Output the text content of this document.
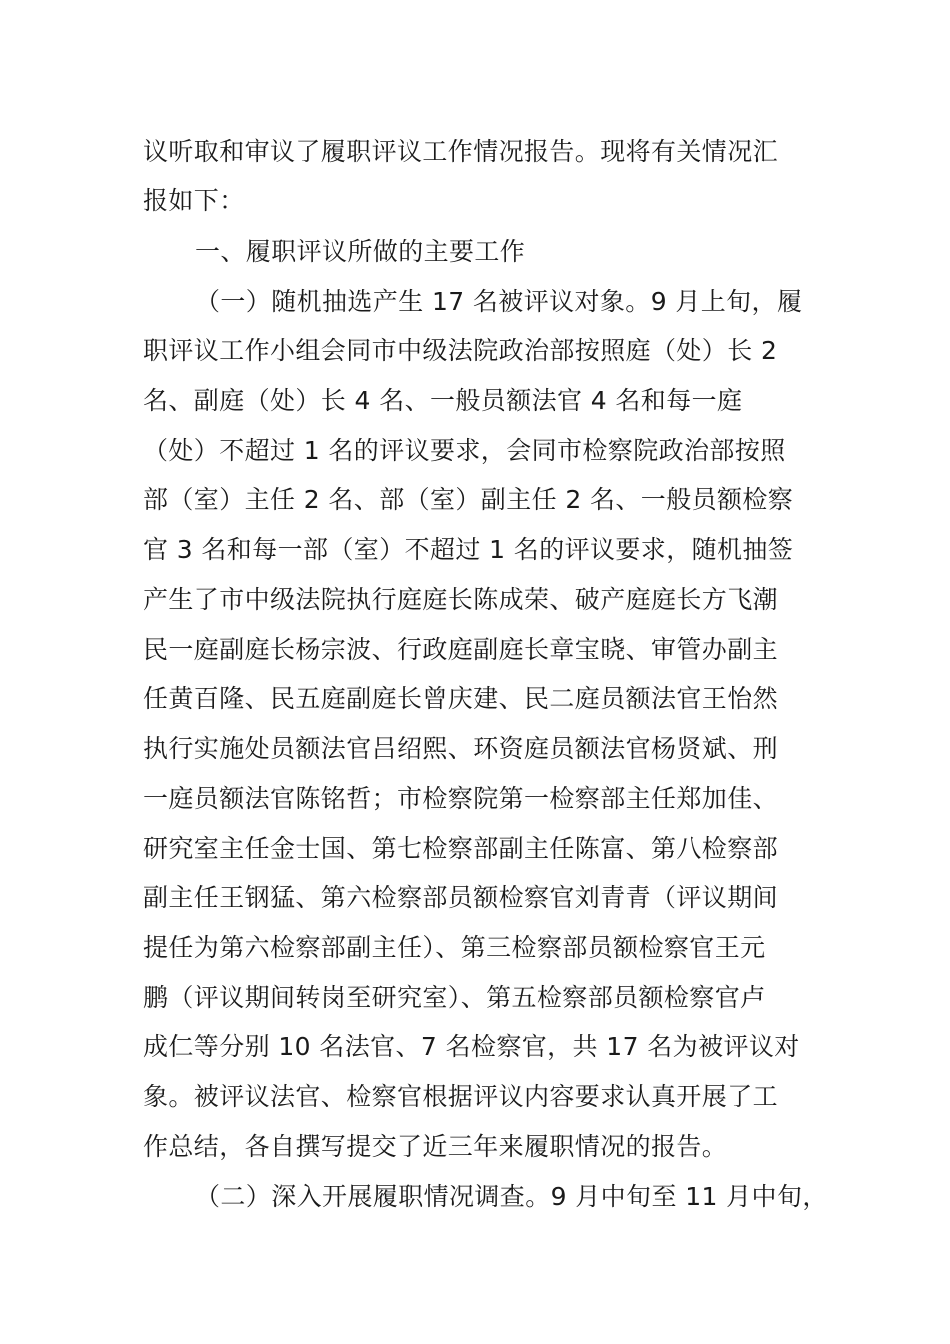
议听取和审议了履职评议工作情况报告。现将有关情况汇
报如下：
一、履职评议所做的主要工作
（一）随机抽选产生 17 名被评议对象。9 月上旬，履
职评议工作小组会同市中级法院政治部按照庭（处）长 2
名、副庭（处）长 4 名、一般员额法官 4 名和每一庭
（处）不超过 1 名的评议要求，会同市检察院政治部按照
部（室）主任 2 名、部（室）副主任 2 名、一般员额检察
官 3 名和每一部（室）不超过 1 名的评议要求，随机抽签
产生了市中级法院执行庭庭长陈成荣、破产庭庭长方飞潮
民一庭副庭长杨宗波、行政庭副庭长章宝晓、审管办副主
任黄百隆、民五庭副庭长曾庆建、民二庭员额法官王怡然
执行实施处员额法官吕绍熙、环资庭员额法官杨贤斌、刑
一庭员额法官陈铭哲；市检察院第一检察部主任郑加佳、
研究室主任金士国、第七检察部副主任陈富、第八检察部
副主任王钢猛、第六检察部员额检察官刘青青（评议期间
提任为第六检察部副主任）、第三检察部员额检察官王元
鹏（评议期间转岗至研究室）、第五检察部员额检察官卢
成仁等分别 10 名法官、7 名检察官，共 17 名为被评议对
象。被评议法官、检察官根据评议内容要求认真开展了工
作总结，各自撰写提交了近三年来履职情况的报告。
（二）深入开展履职情况调查。9 月中旬至 11 月中旬，
